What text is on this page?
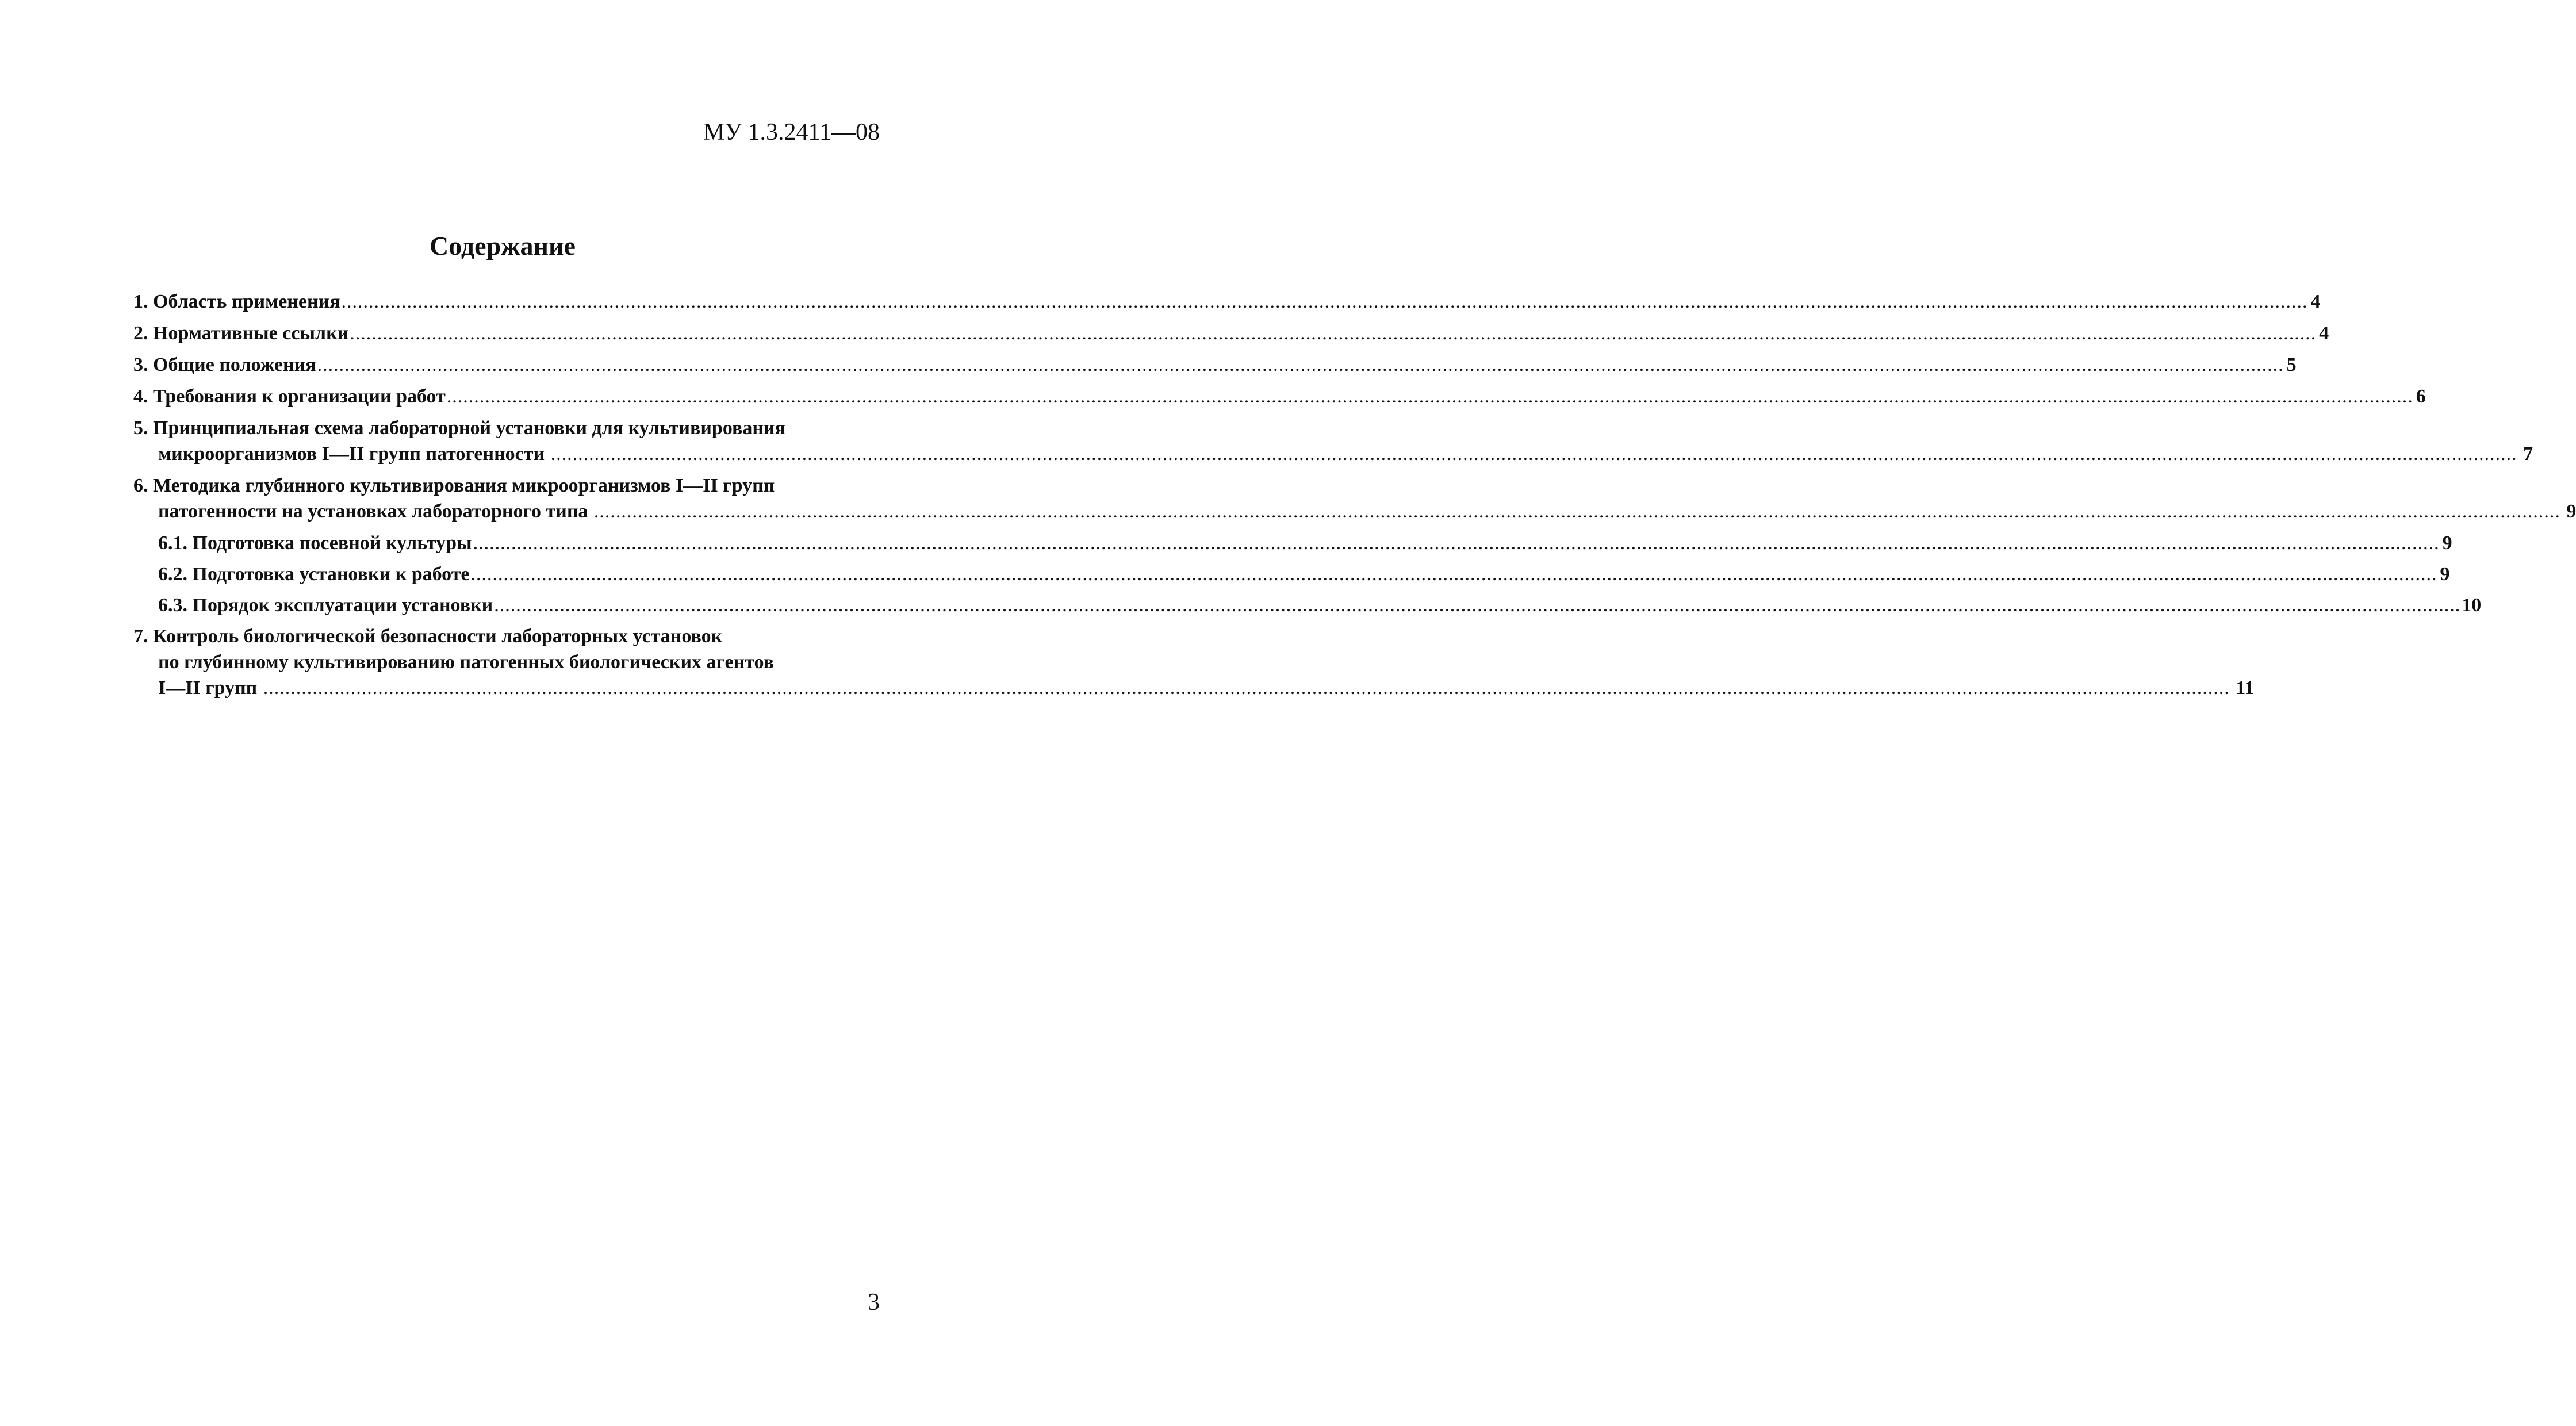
МУ 1.3.2411—08
Содержание
1. Область применения .....	4
2. Нормативные ссылки .....	4
3. Общие положения .....	5
4. Требования к организации работ .....	6
5. Принципиальная схема лабораторной установки для культивирования
микроорганизмов I—II групп патогенности .....	7
6. Методика глубинного культивирования микроорганизмов I—II групп
патогенности на установках лабораторного типа .....	9
6.1. Подготовка посевной культуры .....	9
6.2. Подготовка установки к работе .....	9
6.3. Порядок эксплуатации установки .....	10
7. Контроль биологической безопасности лабораторных установок
по глубинному культивированию патогенных биологических агентов
I—II групп .....	11
3
